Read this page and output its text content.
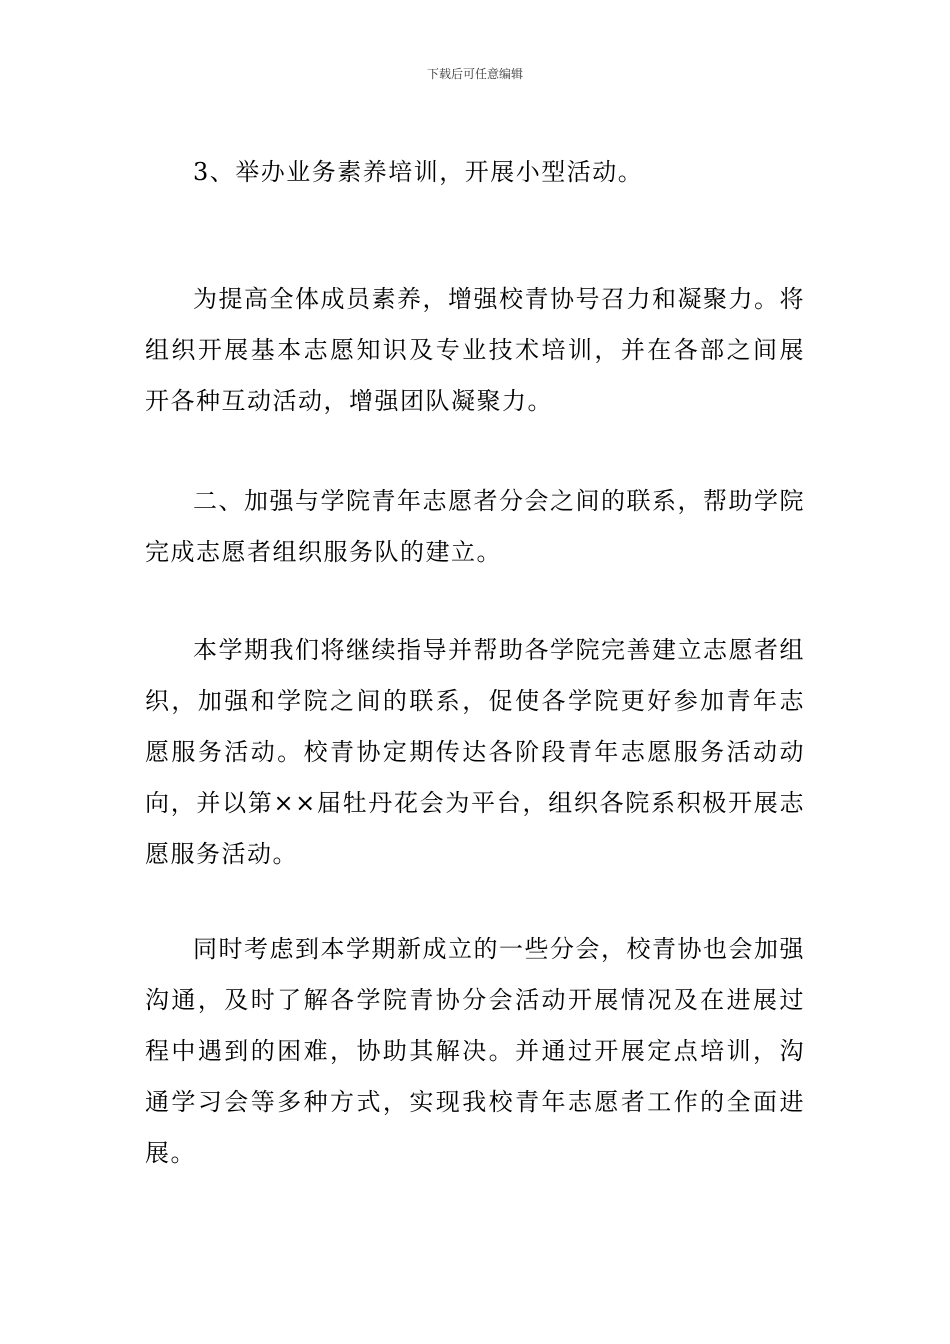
下载后可任意编辑

3、举办业务素养培训，开展小型活动。

为提高全体成员素养，增强校青协号召力和凝聚力。将组织开展基本志愿知识及专业技术培训，并在各部之间展开各种互动活动，增强团队凝聚力。

二、加强与学院青年志愿者分会之间的联系，帮助学院完成志愿者组织服务队的建立。

本学期我们将继续指导并帮助各学院完善建立志愿者组织，加强和学院之间的联系，促使各学院更好参加青年志愿服务活动。校青协定期传达各阶段青年志愿服务活动动向，并以第××届牡丹花会为平台，组织各院系积极开展志愿服务活动。

同时考虑到本学期新成立的一些分会，校青协也会加强沟通，及时了解各学院青协分会活动开展情况及在进展过程中遇到的困难，协助其解决。并通过开展定点培训，沟通学习会等多种方式，实现我校青年志愿者工作的全面进展。
